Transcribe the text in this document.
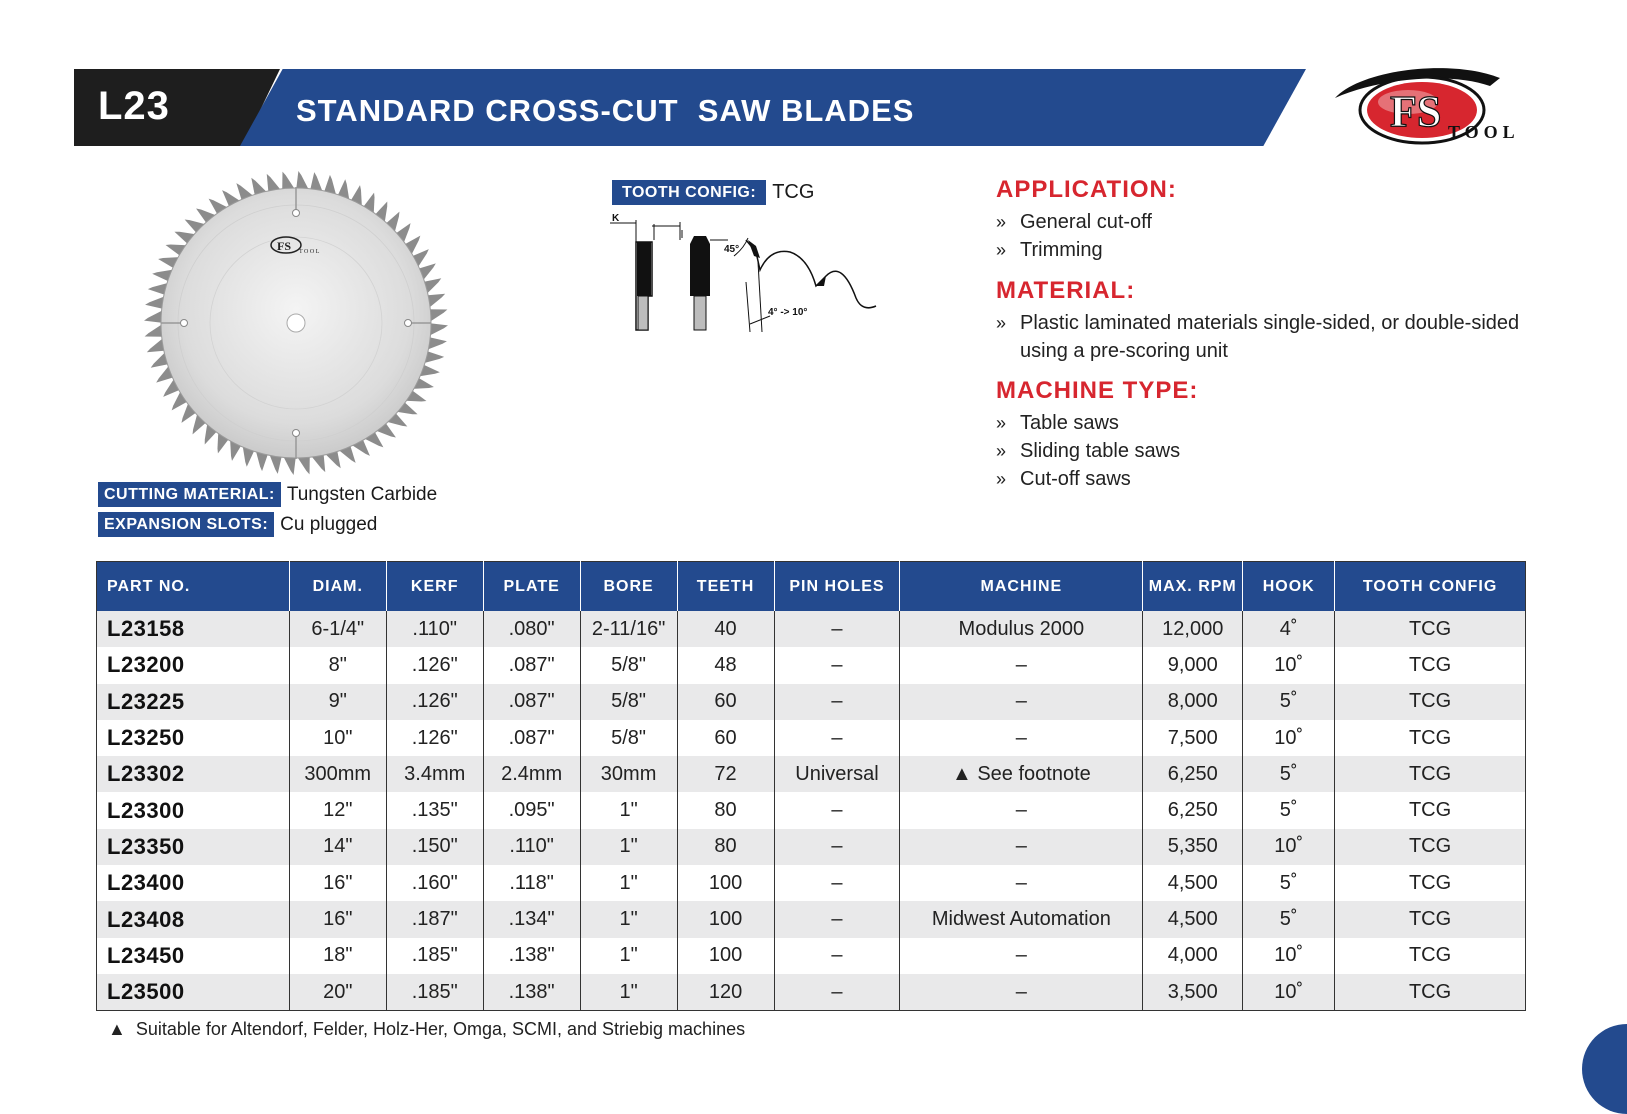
L23	STANDARD CROSS-CUT  SAW BLADES	FS TOOL
FS TOOL
CUTTING MATERIAL: Tungsten Carbide
EXPANSION SLOTS: Cu plugged
TOOTH CONFIG: TCG
K
45°
4° -> 10°
APPLICATION:
» General cut-off
» Trimming
MATERIAL:
» Plastic laminated materials single-sided, or double-sided using a pre-scoring unit
MACHINE TYPE:
» Table saws
» Sliding table saws
» Cut-off saws
PART NO.	DIAM.	KERF	PLATE	BORE	TEETH	PIN HOLES	MACHINE	MAX. RPM	HOOK	TOOTH CONFIG
L23158	6-1/4"	.110"	.080"	2-11/16"	40	–	Modulus 2000	12,000	4˚	TCG
L23200	8"	.126"	.087"	5/8"	48	–	–	9,000	10˚	TCG
L23225	9"	.126"	.087"	5/8"	60	–	–	8,000	5˚	TCG
L23250	10"	.126"	.087"	5/8"	60	–	–	7,500	10˚	TCG
L23302	300mm	3.4mm	2.4mm	30mm	72	Universal	▲ See footnote	6,250	5˚	TCG
L23300	12"	.135"	.095"	1"	80	–	–	6,250	5˚	TCG
L23350	14"	.150"	.110"	1"	80	–	–	5,350	10˚	TCG
L23400	16"	.160"	.118"	1"	100	–	–	4,500	5˚	TCG
L23408	16"	.187"	.134"	1"	100	–	Midwest Automation	4,500	5˚	TCG
L23450	18"	.185"	.138"	1"	100	–	–	4,000	10˚	TCG
L23500	20"	.185"	.138"	1"	120	–	–	3,500	10˚	TCG
▲  Suitable for Altendorf, Felder, Holz-Her, Omga, SCMI, and Striebig machines
